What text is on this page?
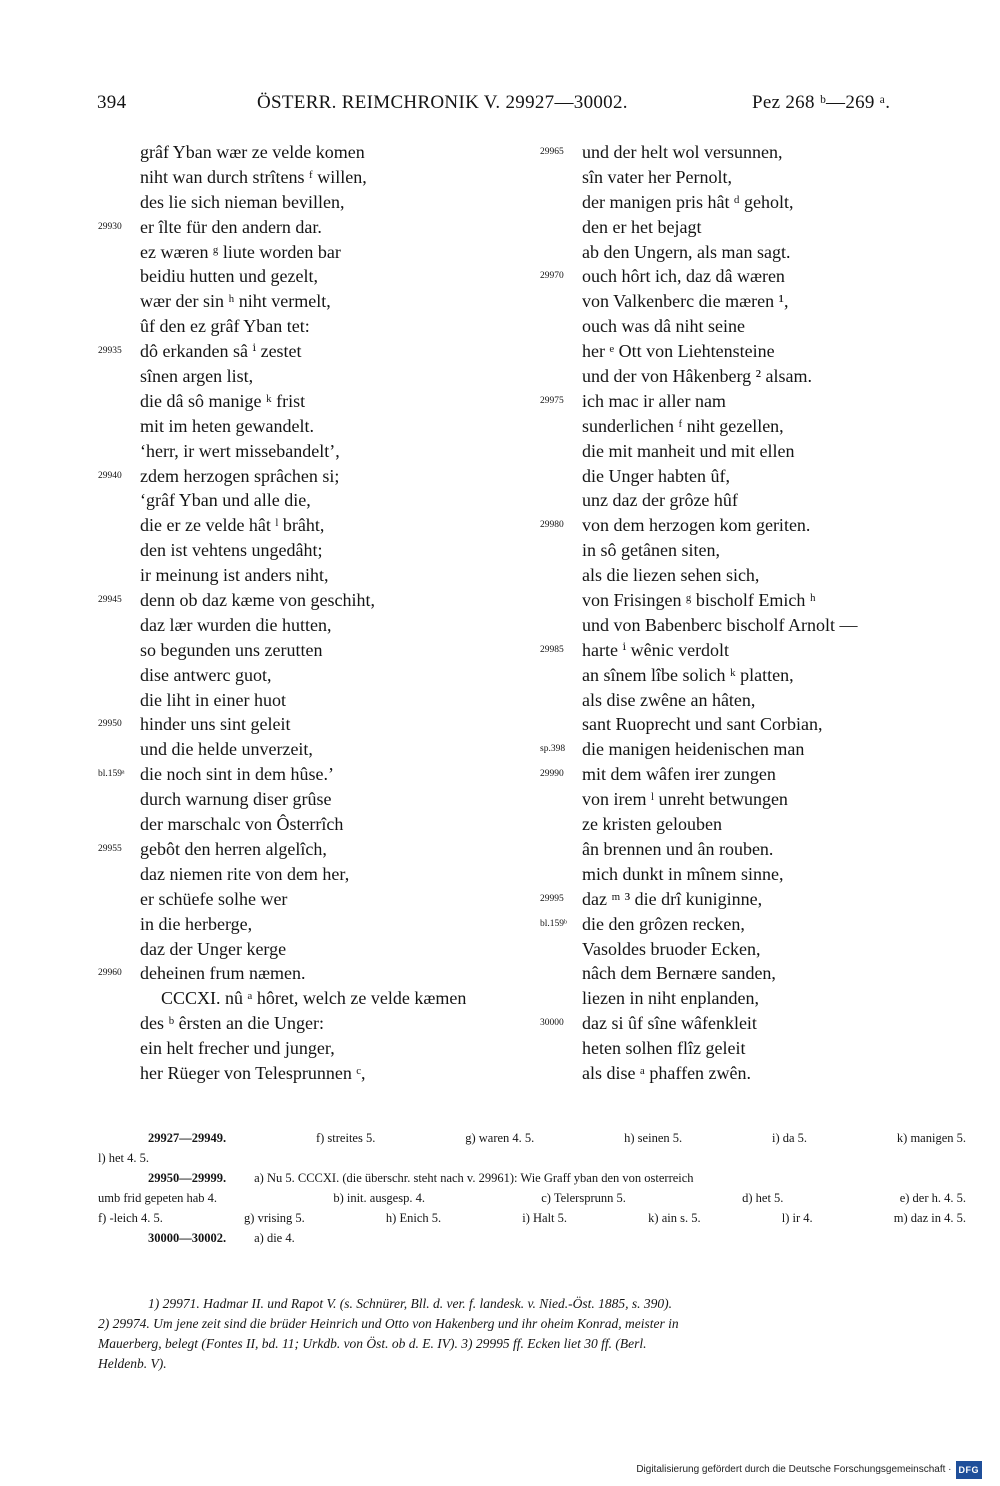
394	ÖSTERR. REIMCHRONIK V. 29927—30002.	Pez 268 ᵇ—269 ᵃ.
grâf Yban wær ze velde komen
niht wan durch strîtens ᶠ willen,
des lie sich nieman bevillen,
29930	er îlte für den andern dar.
ez wæren ᵍ liute worden bar
beidiu hutten und gezelt,
wær der sin ʰ niht vermelt,
ûf den ez grâf Yban tet:
29935	dô erkanden sâ ⁱ zestet
sînen argen list,
die dâ sô manige ᵏ frist
mit im heten gewandelt.
‘herr, ir wert missebandelt’,
29940	zdem herzogen sprâchen si;
‘grâf Yban und alle die,
die er ze velde hât ˡ brâht,
den ist vehtens ungedâht;
ir meinung ist anders niht,
29945	denn ob daz kæme von geschiht,
daz lær wurden die hutten,
so begunden uns zerutten
dise antwerc guot,
die liht in einer huot
29950	hinder uns sint geleit
und die helde unverzeit,
bl.159ᵃ die noch sint in dem hûse.’
durch warnung diser grûse
der marschalc von Ôsterrîch
29955	gebôt den herren algelîch,
daz niemen rite von dem her,
er schüefe solhe wer
in die herberge,
daz der Unger kerge
29960	deheinen frum næmen.
CCCXI. nû ᵃ hôret, welch ze velde kæmen
des ᵇ êrsten an die Unger:
ein helt frecher und junger,
her Rüeger von Telesprunnen ᶜ,
29965	und der helt wol versunnen,
sîn vater her Pernolt,
der manigen pris hât ᵈ geholt,
den er het bejagt
ab den Ungern, als man sagt.
29970	ouch hôrt ich, daz dâ wæren
von Valkenberc die mæren ¹,
ouch was dâ niht seine
her ᵉ Ott von Liehtensteine
und der von Hâkenberg ² alsam.
29975	ich mac ir aller nam
sunderlichen ᶠ niht gezellen,
die mit manheit und mit ellen
die Unger habten ûf,
unz daz der grôze hûf
29980	von dem herzogen kom geriten.
in sô getânen siten,
als die liezen sehen sich,
von Frisingen ᵍ bischolf Emich ʰ
und von Babenberc bischolf Arnolt —
29985	harte ⁱ wênic verdolt
an sînem lîbe solich ᵏ platten,
als dise zwêne an hâten,
sant Ruoprecht und sant Corbian,
sp.398 die manigen heidenischen man
29990	mit dem wâfen irer zungen
von irem ˡ unreht betwungen
ze kristen gelouben
ân brennen und ân rouben.
mich dunkt in mînem sinne,
29995	daz ᵐ ³ die drî kuniginne,
bl.159ᵇ die den grôzen recken,
Vasoldes bruoder Ecken,
nâch dem Bernære sanden,
liezen in niht enplanden,
30000	daz si ûf sîne wâfenkleit
heten solhen flîz geleit
als dise ᵃ phaffen zwên.
29927—29949.	f) streites 5.	g) waren 4. 5.	h) seinen 5.	i) da 5.	k) manigen 5.
l) het 4. 5.
29950—29999. a) Nu 5. CCCXI. (die überschr. steht nach v. 29961): Wie Graff yban den von osterreich
umb frid gepeten hab 4.	b) init. ausgesp. 4.	c) Telersprunn 5.	d) het 5.	e) der h. 4. 5.
f) -leich 4. 5.	g) vrising 5.	h) Enich 5.	i) Halt 5.	k) ain s. 5.	l) ir 4.	m) daz in 4. 5.
30000—30002. a) die 4.
1) 29971. Hadmar II. und Rapot V. (s. Schnürer, Bll. d. ver. f. landesk. v. Nied.-Öst. 1885, s. 390).
2) 29974. Um jene zeit sind die brüder Heinrich und Otto von Hakenberg und ihr oheim Konrad, meister in
Mauerberg, belegt (Fontes II, bd. 11; Urkdb. von Öst. ob d. E. IV). 3) 29995 ff. Ecken liet 30 ff. (Berl.
Heldenb. V).
Digitalisierung gefördert durch die Deutsche Forschungsgemeinschaft · DFG
